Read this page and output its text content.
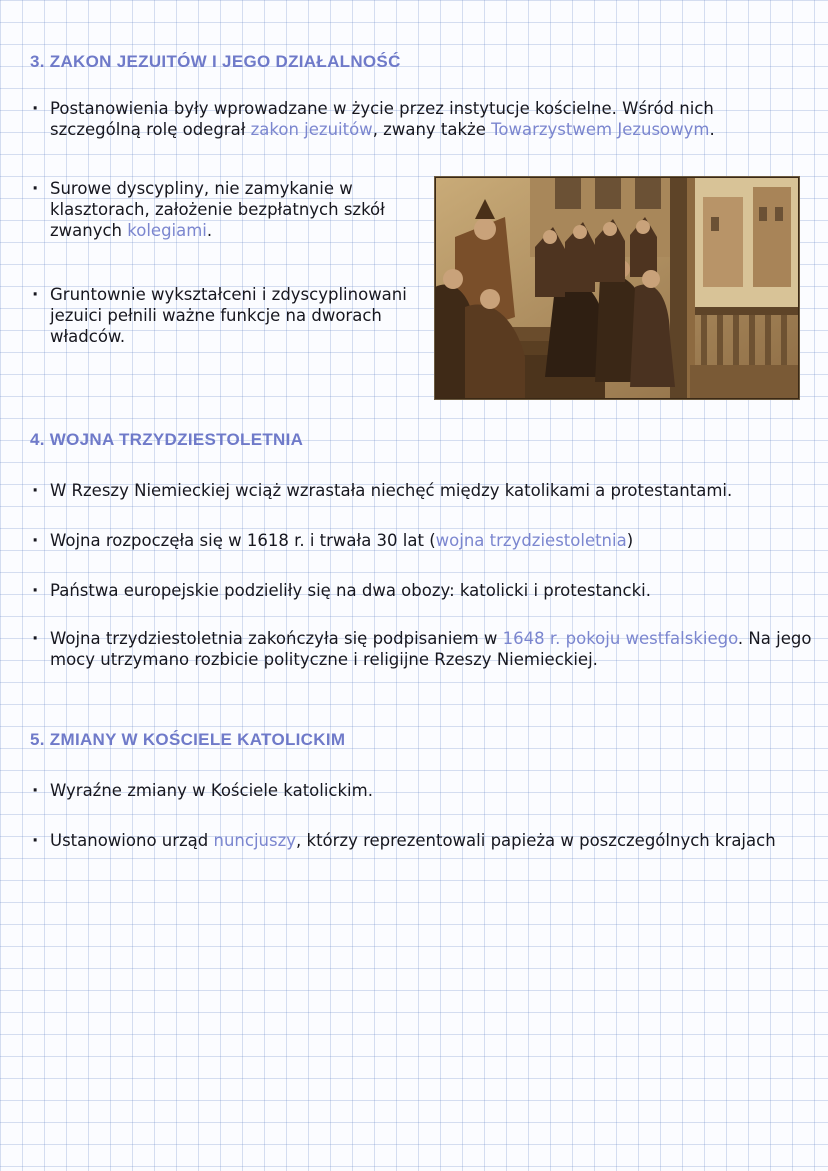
3. ZAKON JEZUITÓW I JEGO DZIAŁALNOŚĆ
· Postanowienia były wprowadzane w życie przez instytucje kościelne. Wśród nich szczególną rolę odegrał zakon jezuitów, zwany także Towarzystwem Jezusowym.
· Surowe dyscypliny, nie zamykanie w klasztorach, założenie bezpłatnych szkół zwanych kolegiami.
· Gruntownie wykształceni i zdyscyplinowani jezuici pełnili ważne funkcje na dworach władców.
4. WOJNA TRZYDZIESTOLETNIA
· W Rzeszy Niemieckiej wciąż wzrastała niechęć między katolikami a protestantami.
· Wojna rozpoczęła się w 1618 r. i trwała 30 lat (wojna trzydziestoletnia)
· Państwa europejskie podzieliły się na dwa obozy: katolicki i protestancki.
· Wojna trzydziestoletnia zakończyła się podpisaniem w 1648 r. pokoju westfalskiego. Na jego mocy utrzymano rozbicie polityczne i religijne Rzeszy Niemieckiej.
5. ZMIANY W KOŚCIELE KATOLICKIM
· Wyraźne zmiany w Kościele katolickim.
· Ustanowiono urząd nuncjuszy, którzy reprezentowali papieża w poszczególnych krajach
